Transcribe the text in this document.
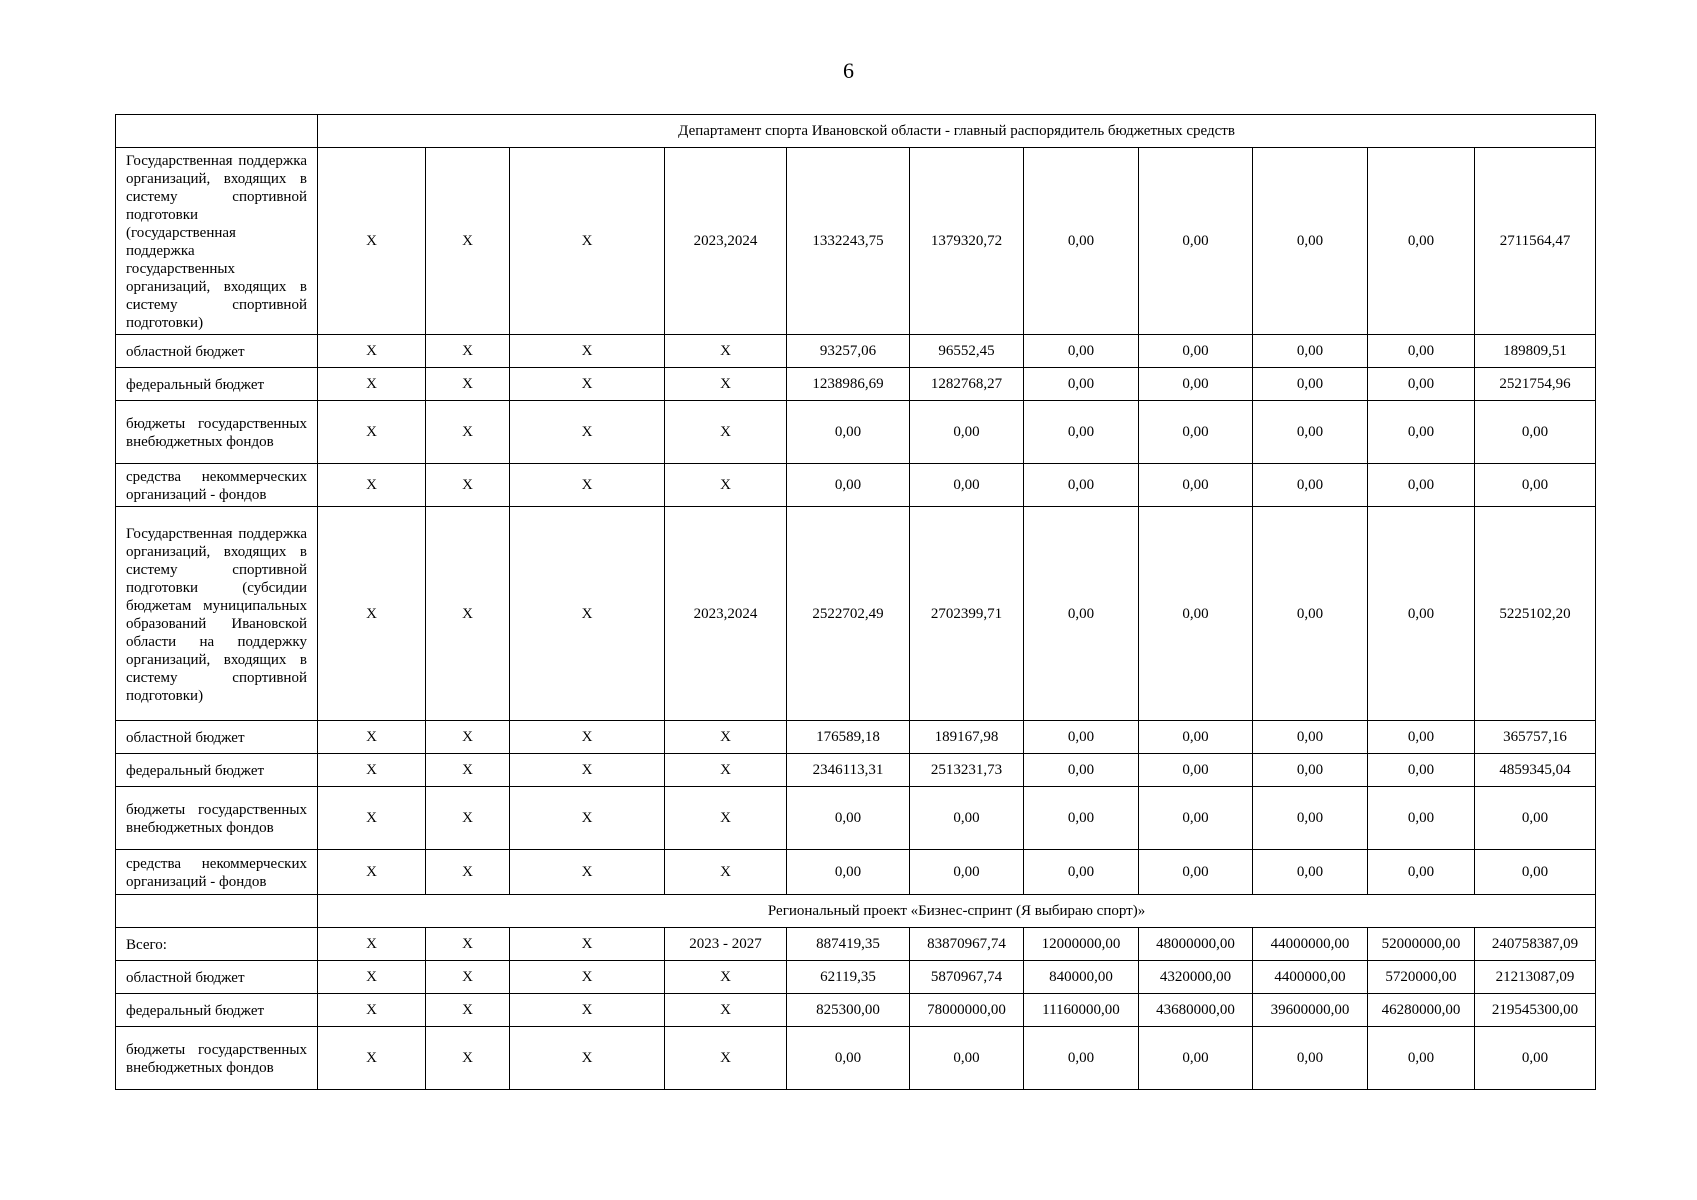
6
	Департамент спорта Ивановской области - главный распорядитель бюджетных средств										
Государственная поддержка организаций, входящих в систему спортивной подготовки (государственная поддержка государственных организаций, входящих в систему спортивной подготовки)	X	X	X	2023,2024	1332243,75	1379320,72	0,00	0,00	0,00	0,00	2711564,47
областной бюджет	X	X	X	X	93257,06	96552,45	0,00	0,00	0,00	0,00	189809,51
федеральный бюджет	X	X	X	X	1238986,69	1282768,27	0,00	0,00	0,00	0,00	2521754,96
бюджеты государственных внебюджетных фондов	X	X	X	X	0,00	0,00	0,00	0,00	0,00	0,00	0,00
средства некоммерческих организаций - фондов	X	X	X	X	0,00	0,00	0,00	0,00	0,00	0,00	0,00
Государственная поддержка организаций, входящих в систему спортивной подготовки (субсидии бюджетам муниципальных образований Ивановской области на поддержку организаций, входящих в систему спортивной подготовки)	X	X	X	2023,2024	2522702,49	2702399,71	0,00	0,00	0,00	0,00	5225102,20
областной бюджет	X	X	X	X	176589,18	189167,98	0,00	0,00	0,00	0,00	365757,16
федеральный бюджет	X	X	X	X	2346113,31	2513231,73	0,00	0,00	0,00	0,00	4859345,04
бюджеты государственных внебюджетных фондов	X	X	X	X	0,00	0,00	0,00	0,00	0,00	0,00	0,00
средства некоммерческих организаций - фондов	X	X	X	X	0,00	0,00	0,00	0,00	0,00	0,00	0,00
	Региональный проект «Бизнес-спринт (Я выбираю спорт)»										
Всего:	X	X	X	2023 - 2027	887419,35	83870967,74	12000000,00	48000000,00	44000000,00	52000000,00	240758387,09
областной бюджет	X	X	X	X	62119,35	5870967,74	840000,00	4320000,00	4400000,00	5720000,00	21213087,09
федеральный бюджет	X	X	X	X	825300,00	78000000,00	11160000,00	43680000,00	39600000,00	46280000,00	219545300,00
бюджеты государственных внебюджетных фондов	X	X	X	X	0,00	0,00	0,00	0,00	0,00	0,00	0,00
